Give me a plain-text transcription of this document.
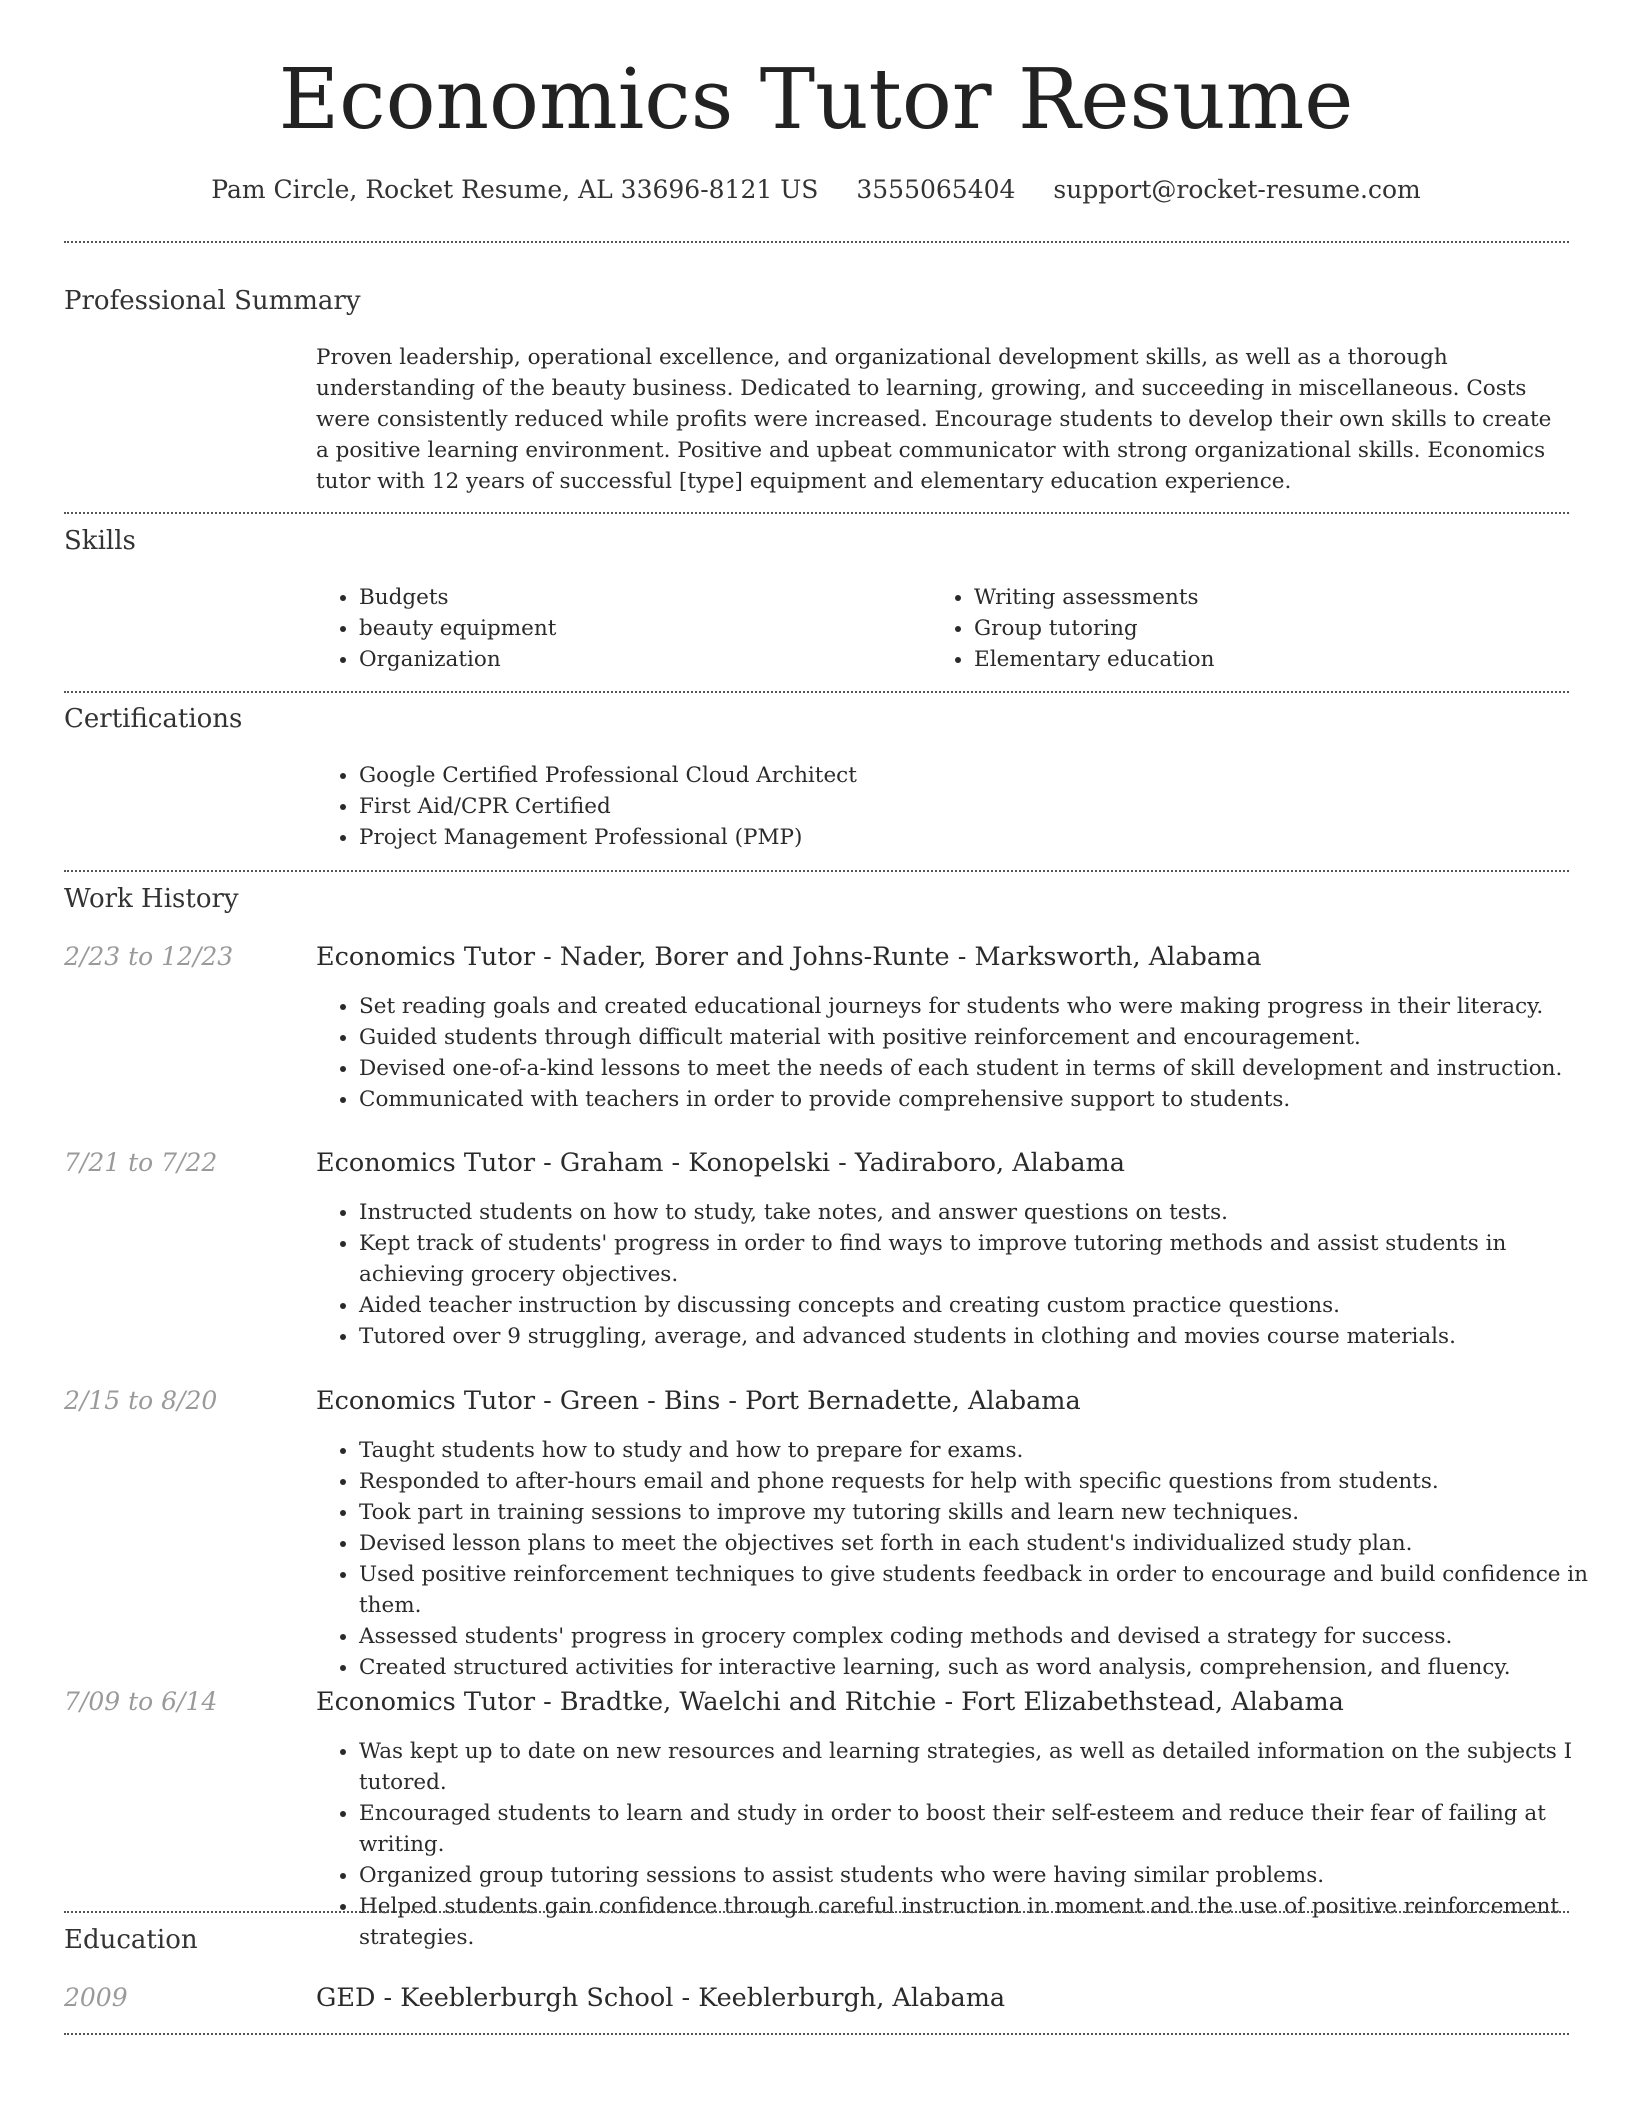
Economics Tutor Resume
Pam Circle, Rocket Resume, AL 33696-8121 US 3555065404 support@rocket-resume.com
Professional Summary

Proven leadership, operational excellence, and organizational development skills, as well as a thorough understanding of the beauty business. Dedicated to learning, growing, and succeeding in miscellaneous. Costs were consistently reduced while profits were increased. Encourage students to develop their own skills to create a positive learning environment. Positive and upbeat communicator with strong organizational skills. Economics tutor with 12 years of successful [type] equipment and elementary education experience.

Skills
• Budgets
• beauty equipment
• Organization
• Writing assessments
• Group tutoring
• Elementary education
Certifications
• Google Certified Professional Cloud Architect
• First Aid/CPR Certified
• Project Management Professional (PMP)
Work History
2/23 to 12/23	Economics Tutor - Nader, Borer and Johns-Runte - Marksworth, Alabama
• Set reading goals and created educational journeys for students who were making progress in their literacy.
• Guided students through difficult material with positive reinforcement and encouragement.
• Devised one-of-a-kind lessons to meet the needs of each student in terms of skill development and instruction.
• Communicated with teachers in order to provide comprehensive support to students.
7/21 to 7/22	Economics Tutor - Graham - Konopelski - Yadiraboro, Alabama
• Instructed students on how to study, take notes, and answer questions on tests.
• Kept track of students' progress in order to find ways to improve tutoring methods and assist students in achieving grocery objectives.
• Aided teacher instruction by discussing concepts and creating custom practice questions.
• Tutored over 9 struggling, average, and advanced students in clothing and movies course materials.
2/15 to 8/20	Economics Tutor - Green - Bins - Port Bernadette, Alabama
• Taught students how to study and how to prepare for exams.
• Responded to after-hours email and phone requests for help with specific questions from students.
• Took part in training sessions to improve my tutoring skills and learn new techniques.
• Devised lesson plans to meet the objectives set forth in each student's individualized study plan.
• Used positive reinforcement techniques to give students feedback in order to encourage and build confidence in them.
• Assessed students' progress in grocery complex coding methods and devised a strategy for success.
• Created structured activities for interactive learning, such as word analysis, comprehension, and fluency.
7/09 to 6/14	Economics Tutor - Bradtke, Waelchi and Ritchie - Fort Elizabethstead, Alabama
• Was kept up to date on new resources and learning strategies, as well as detailed information on the subjects I tutored.
• Encouraged students to learn and study in order to boost their self-esteem and reduce their fear of failing at writing.
• Organized group tutoring sessions to assist students who were having similar problems.
• Helped students gain confidence through careful instruction in moment and the use of positive reinforcement strategies.
Education
2009	GED - Keeblerburgh School - Keeblerburgh, Alabama
